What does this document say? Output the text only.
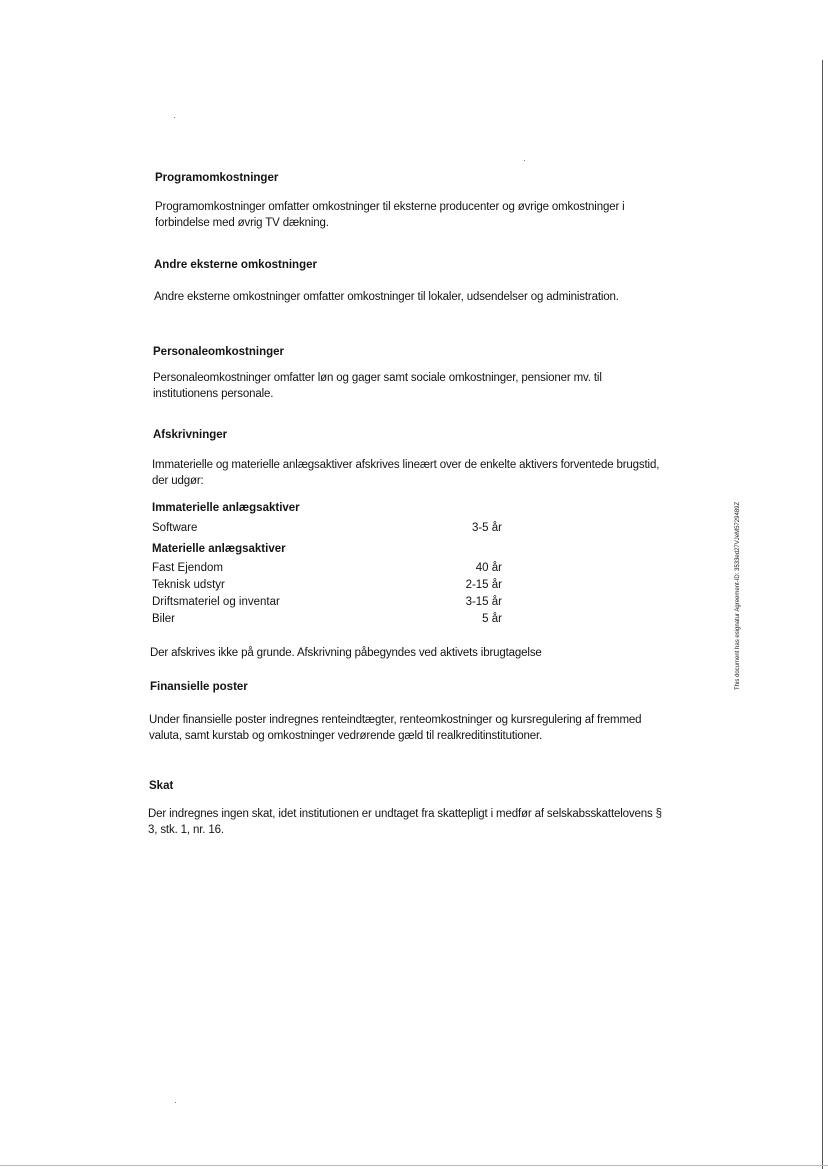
Programomkostninger

Programomkostninger omfatter omkostninger til eksterne producenter og øvrige omkostninger i

forbindelse med øvrig TV dækning.

Andre eksterne omkostninger

Andre eksterne omkostninger omfatter omkostninger til lokaler, udsendelser og administration.

Personaleomkostninger

Personaleomkostninger omfatter løn og gager samt sociale omkostninger, pensioner mv. til

institutionens personale.

Afskrivninger

Immaterielle og materielle anlægsaktiver afskrives lineært over de enkelte aktivers forventede brugstid,

der udgør:

Immaterielle anlægsaktiver

Software	3-5 år

Materielle anlægsaktiver

Fast Ejendom	40 år
Teknisk udstyr	2-15 år
Driftsmateriel og inventar	3-15 år
Biler	5 år

Der afskrives ikke på grunde. Afskrivning påbegyndes ved aktivets ibrugtagelse

Finansielle poster

Under finansielle poster indregnes renteindtægter, renteomkostninger og kursregulering af fremmed

valuta, samt kurstab og omkostninger vedrørende gæld til realkreditinstitutioner.

Skat

Der indregnes ingen skat, idet institutionen er undtaget fra skattepligt i medfør af selskabsskattelovens §

3, stk. 1, nr. 16.

This document has esignatur Agreement-ID: 3533ed27VJeM5729489Z
